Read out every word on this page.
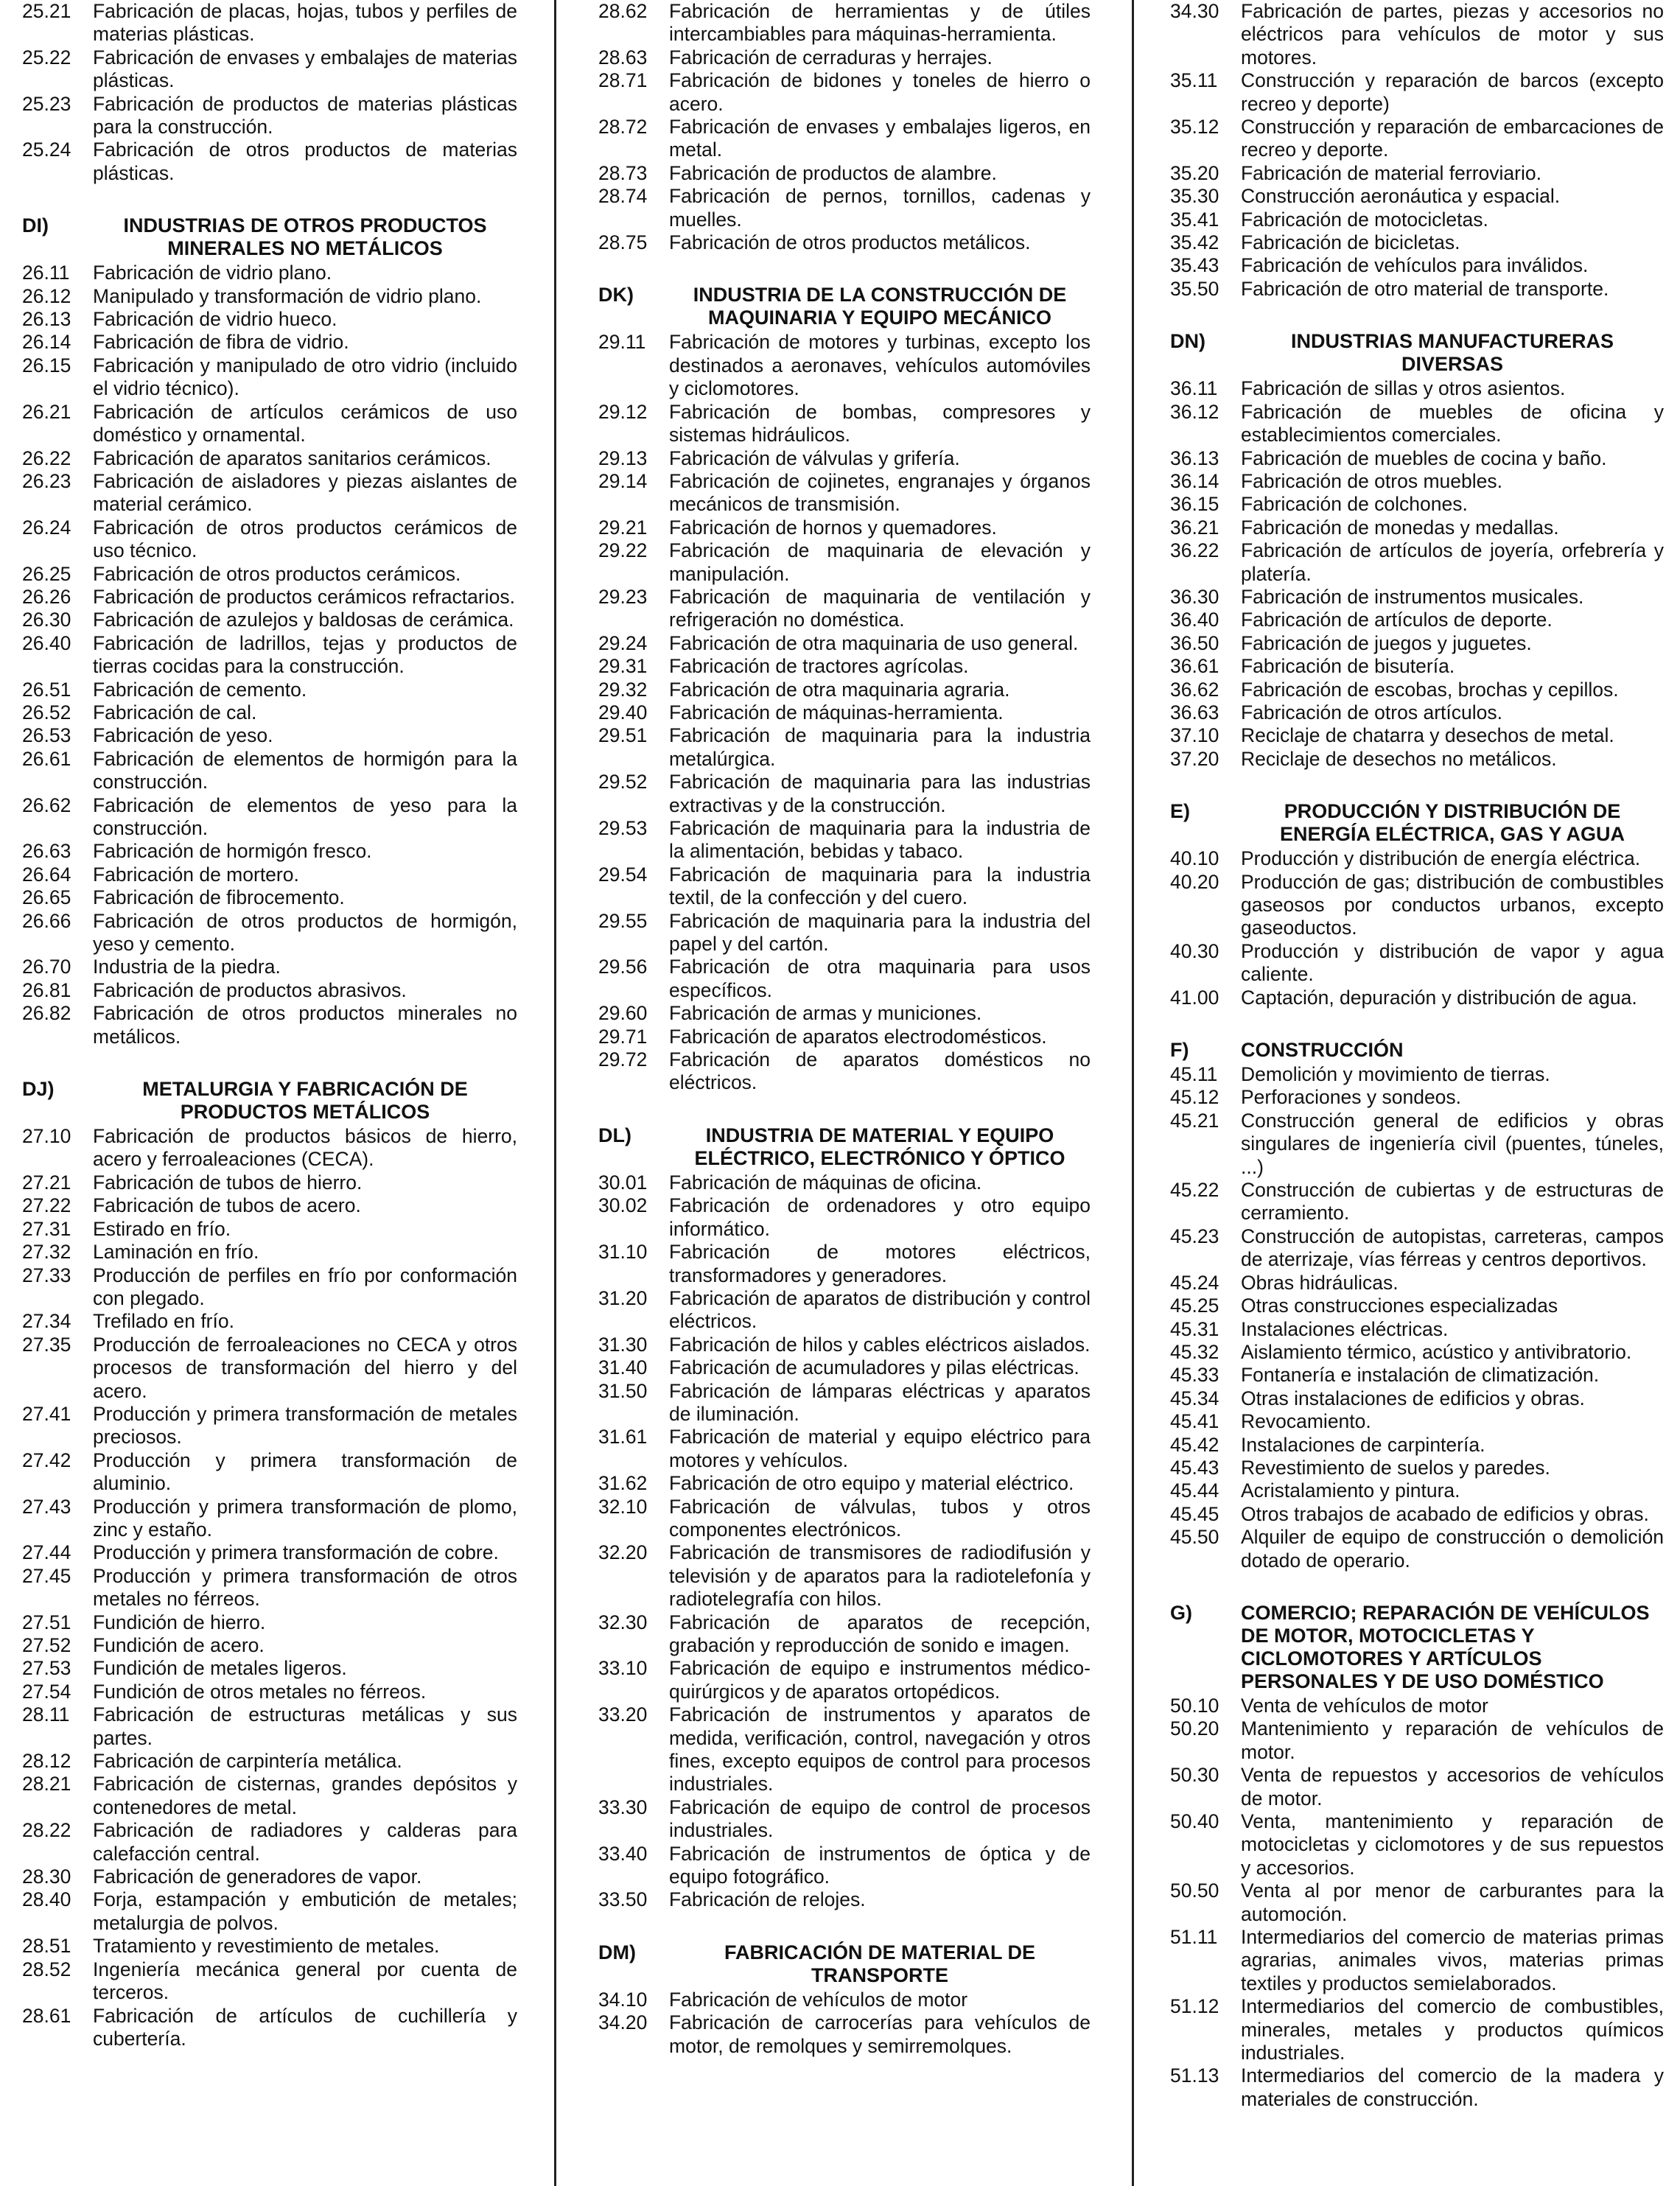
25.21	Fabricación de placas, hojas, tubos y perfiles de materias plásticas.
25.22	Fabricación de envases y embalajes de materias plásticas.
25.23	Fabricación de productos de materias plásticas para la construcción.
25.24	Fabricación de otros productos de materias plásticas.
DI)	INDUSTRIAS DE OTROS PRODUCTOS MINERALES NO METÁLICOS
26.11	Fabricación de vidrio plano.
26.12	Manipulado y transformación de vidrio plano.
26.13	Fabricación de vidrio hueco.
26.14	Fabricación de fibra de vidrio.
26.15	Fabricación y manipulado de otro vidrio (incluido el vidrio técnico).
26.21	Fabricación de artículos cerámicos de uso doméstico y ornamental.
26.22	Fabricación de aparatos sanitarios cerámicos.
26.23	Fabricación de aisladores y piezas aislantes de material cerámico.
26.24	Fabricación de otros productos cerámicos de uso técnico.
26.25	Fabricación de otros productos cerámicos.
26.26	Fabricación de productos cerámicos refractarios.
26.30	Fabricación de azulejos y baldosas de cerámica.
26.40	Fabricación de ladrillos, tejas y productos de tierras cocidas para la construcción.
26.51	Fabricación de cemento.
26.52	Fabricación de cal.
26.53	Fabricación de yeso.
26.61	Fabricación de elementos de hormigón para la construcción.
26.62	Fabricación de elementos de yeso para la construcción.
26.63	Fabricación de hormigón fresco.
26.64	Fabricación de mortero.
26.65	Fabricación de fibrocemento.
26.66	Fabricación de otros productos de hormigón, yeso y cemento.
26.70	Industria de la piedra.
26.81	Fabricación de productos abrasivos.
26.82	Fabricación de otros productos minerales no metálicos.
DJ)	METALURGIA Y FABRICACIÓN DE PRODUCTOS METÁLICOS
27.10	Fabricación de productos básicos de hierro, acero y ferroaleaciones (CECA).
27.21	Fabricación de tubos de hierro.
27.22	Fabricación de tubos de acero.
27.31	Estirado en frío.
27.32	Laminación en frío.
27.33	Producción de perfiles en frío por conformación con plegado.
27.34	Trefilado en frío.
27.35	Producción de ferroaleaciones no CECA y otros procesos de transformación del hierro y del acero.
27.41	Producción y primera transformación de metales preciosos.
27.42	Producción y primera transformación de aluminio.
27.43	Producción y primera transformación de plomo, zinc y estaño.
27.44	Producción y primera transformación de cobre.
27.45	Producción y primera transformación de otros metales no férreos.
27.51	Fundición de hierro.
27.52	Fundición de acero.
27.53	Fundición de metales ligeros.
27.54	Fundición de otros metales no férreos.
28.11	Fabricación de estructuras metálicas y sus partes.
28.12	Fabricación de carpintería metálica.
28.21	Fabricación de cisternas, grandes depósitos y contenedores de metal.
28.22	Fabricación de radiadores y calderas para calefacción central.
28.30	Fabricación de generadores de vapor.
28.40	Forja, estampación y embutición de metales; metalurgia de polvos.
28.51	Tratamiento y revestimiento de metales.
28.52	Ingeniería mecánica general por cuenta de terceros.
28.61	Fabricación de artículos de cuchillería y cubertería.
28.62	Fabricación de herramientas y de útiles intercambiables para máquinas-herramienta.
28.63	Fabricación de cerraduras y herrajes.
28.71	Fabricación de bidones y toneles de hierro o acero.
28.72	Fabricación de envases y embalajes ligeros, en metal.
28.73	Fabricación de productos de alambre.
28.74	Fabricación de pernos, tornillos, cadenas y muelles.
28.75	Fabricación de otros productos metálicos.
DK)	INDUSTRIA DE LA CONSTRUCCIÓN DE MAQUINARIA Y EQUIPO MECÁNICO
29.11	Fabricación de motores y turbinas, excepto los destinados a aeronaves, vehículos automóviles y ciclomotores.
29.12	Fabricación de bombas, compresores y sistemas hidráulicos.
29.13	Fabricación de válvulas y grifería.
29.14	Fabricación de cojinetes, engranajes y órganos mecánicos de transmisión.
29.21	Fabricación de hornos y quemadores.
29.22	Fabricación de maquinaria de elevación y manipulación.
29.23	Fabricación de maquinaria de ventilación y refrigeración no doméstica.
29.24	Fabricación de otra maquinaria de uso general.
29.31	Fabricación de tractores agrícolas.
29.32	Fabricación de otra maquinaria agraria.
29.40	Fabricación de máquinas-herramienta.
29.51	Fabricación de maquinaria para la industria metalúrgica.
29.52	Fabricación de maquinaria para las industrias extractivas y de la construcción.
29.53	Fabricación de maquinaria para la industria de la alimentación, bebidas y tabaco.
29.54	Fabricación de maquinaria para la industria textil, de la confección y del cuero.
29.55	Fabricación de maquinaria para la industria del papel y del cartón.
29.56	Fabricación de otra maquinaria para usos específicos.
29.60	Fabricación de armas y municiones.
29.71	Fabricación de aparatos electrodomésticos.
29.72	Fabricación de aparatos domésticos no eléctricos.
DL)	INDUSTRIA DE MATERIAL Y EQUIPO ELÉCTRICO, ELECTRÓNICO Y ÓPTICO
30.01	Fabricación de máquinas de oficina.
30.02	Fabricación de ordenadores y otro equipo informático.
31.10	Fabricación de motores eléctricos, transformadores y generadores.
31.20	Fabricación de aparatos de distribución y control eléctricos.
31.30	Fabricación de hilos y cables eléctricos aislados.
31.40	Fabricación de acumuladores y pilas eléctricas.
31.50	Fabricación de lámparas eléctricas y aparatos de iluminación.
31.61	Fabricación de material y equipo eléctrico para motores y vehículos.
31.62	Fabricación de otro equipo y material eléctrico.
32.10	Fabricación de válvulas, tubos y otros componentes electrónicos.
32.20	Fabricación de transmisores de radiodifusión y televisión y de aparatos para la radiotelefonía y radiotelegrafía con hilos.
32.30	Fabricación de aparatos de recepción, grabación y reproducción de sonido e imagen.
33.10	Fabricación de equipo e instrumentos médico-quirúrgicos y de aparatos ortopédicos.
33.20	Fabricación de instrumentos y aparatos de medida, verificación, control, navegación y otros fines, excepto equipos de control para procesos industriales.
33.30	Fabricación de equipo de control de procesos industriales.
33.40	Fabricación de instrumentos de óptica y de equipo fotográfico.
33.50	Fabricación de relojes.
DM)	FABRICACIÓN DE MATERIAL DE TRANSPORTE
34.10	Fabricación de vehículos de motor
34.20	Fabricación de carrocerías para vehículos de motor, de remolques y semirremolques.
34.30	Fabricación de partes, piezas y accesorios no eléctricos para vehículos de motor y sus motores.
35.11	Construcción y reparación de barcos (excepto recreo y deporte)
35.12	Construcción y reparación de embarcaciones de recreo y deporte.
35.20	Fabricación de material ferroviario.
35.30	Construcción aeronáutica y espacial.
35.41	Fabricación de motocicletas.
35.42	Fabricación de bicicletas.
35.43	Fabricación de vehículos para inválidos.
35.50	Fabricación de otro material de transporte.
DN)	INDUSTRIAS MANUFACTURERAS DIVERSAS
36.11	Fabricación de sillas y otros asientos.
36.12	Fabricación de muebles de oficina y establecimientos comerciales.
36.13	Fabricación de muebles de cocina y baño.
36.14	Fabricación de otros muebles.
36.15	Fabricación de colchones.
36.21	Fabricación de monedas y medallas.
36.22	Fabricación de artículos de joyería, orfebrería y platería.
36.30	Fabricación de instrumentos musicales.
36.40	Fabricación de artículos de deporte.
36.50	Fabricación de juegos y juguetes.
36.61	Fabricación de bisutería.
36.62	Fabricación de escobas, brochas y cepillos.
36.63	Fabricación de otros artículos.
37.10	Reciclaje de chatarra y desechos de metal.
37.20	Reciclaje de desechos no metálicos.
E)	PRODUCCIÓN Y DISTRIBUCIÓN DE ENERGÍA ELÉCTRICA, GAS Y AGUA
40.10	Producción y distribución de energía eléctrica.
40.20	Producción de gas; distribución de combustibles gaseosos por conductos urbanos, excepto gaseoductos.
40.30	Producción y distribución de vapor y agua caliente.
41.00	Captación, depuración y distribución de agua.
F)	CONSTRUCCIÓN
45.11	Demolición y movimiento de tierras.
45.12	Perforaciones y sondeos.
45.21	Construcción general de edificios y obras singulares de ingeniería civil (puentes, túneles, ...)
45.22	Construcción de cubiertas y de estructuras de cerramiento.
45.23	Construcción de autopistas, carreteras, campos de aterrizaje, vías férreas y centros deportivos.
45.24	Obras hidráulicas.
45.25	Otras construcciones especializadas
45.31	Instalaciones eléctricas.
45.32	Aislamiento térmico, acústico y antivibratorio.
45.33	Fontanería e instalación de climatización.
45.34	Otras instalaciones de edificios y obras.
45.41	Revocamiento.
45.42	Instalaciones de carpintería.
45.43	Revestimiento de suelos y paredes.
45.44	Acristalamiento y pintura.
45.45	Otros trabajos de acabado de edificios y obras.
45.50	Alquiler de equipo de construcción o demolición dotado de operario.
G)	COMERCIO; REPARACIÓN DE VEHÍCULOS DE MOTOR, MOTOCICLETAS Y CICLOMOTORES Y ARTÍCULOS PERSONALES Y DE USO DOMÉSTICO
50.10	Venta de vehículos de motor
50.20	Mantenimiento y reparación de vehículos de motor.
50.30	Venta de repuestos y accesorios de vehículos de motor.
50.40	Venta, mantenimiento y reparación de motocicletas y ciclomotores y de sus repuestos y accesorios.
50.50	Venta al por menor de carburantes para la automoción.
51.11	Intermediarios del comercio de materias primas agrarias, animales vivos, materias primas textiles y productos semielaborados.
51.12	Intermediarios del comercio de combustibles, minerales, metales y productos químicos industriales.
51.13	Intermediarios del comercio de la madera y materiales de construcción.
